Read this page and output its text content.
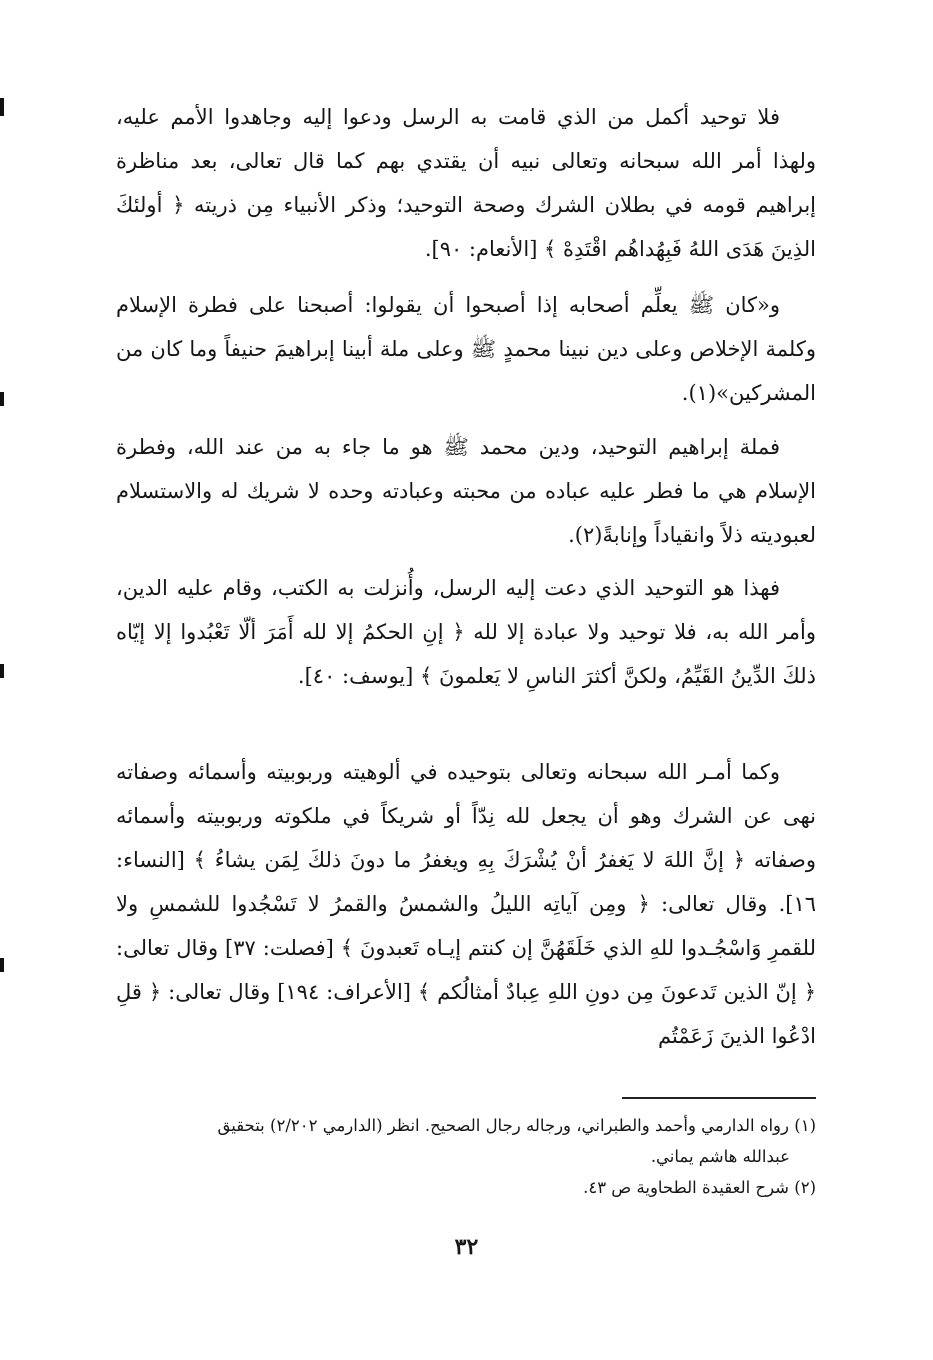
فلا توحيد أكمل من الذي قامت به الرسل ودعوا إليه وجاهدوا الأمم عليه، ولهذا أمر الله سبحانه وتعالى نبيه أن يقتدي بهم كما قال تعالى، بعد مناظرة إبراهيم قومه في بطلان الشرك وصحة التوحيد؛ وذكر الأنبياء مِن ذريته ﴿ أولئكَ الذِينَ هَدَى اللهُ فَبِهُداهُم اقْتَدِهْ ﴾ [الأنعام: ٩٠].

و«كان ﷺ يعلِّم أصحابه إذا أصبحوا أن يقولوا: أصبحنا على فطرة الإسلام وكلمة الإخلاص وعلى دين نبينا محمدٍ ﷺ وعلى ملة أبينا إبراهيمَ حنيفاً وما كان من المشركين»(١).

فملة إبراهيم التوحيد، ودين محمد ﷺ هو ما جاء به من عند الله، وفطرة الإسلام هي ما فطر عليه عباده من محبته وعبادته وحده لا شريك له والاستسلام لعبوديته ذلاً وانقياداً وإنابةً(٢).

فهذا هو التوحيد الذي دعت إليه الرسل، وأُنزلت به الكتب، وقام عليه الدين، وأمر الله به، فلا توحيد ولا عبادة إلا لله ﴿ إنِ الحكمُ إلا لله أَمَرَ ألّا تَعْبُدوا إلا إيّاه ذلكَ الدِّينُ القَيِّمُ، ولكنَّ أكثرَ الناسِ لا يَعلمونَ ﴾ [يوسف: ٤٠].

وكما أمـر الله سبحانه وتعالى بتوحيده في ألوهيته وربوبيته وأسمائه وصفاته نهى عن الشرك وهو أن يجعل لله نِدّاً أو شريكاً في ملكوته وربوبيته وأسمائه وصفاته ﴿ إنَّ اللهَ لا يَغفرُ أنْ يُشْرَكَ بِهِ ويغفرُ ما دونَ ذلكَ لِمَن يشاءُ ﴾ [النساء: ١٦]. وقال تعالى: ﴿ ومِن آياتِه الليلُ والشمسُ والقمرُ لا تَسْجُدوا للشمسِ ولا للقمرِ وَاسْجُـدوا للهِ الذي خَلَقَهُنَّ إن كنتم إيـاه تَعبدونَ ﴾ [فصلت: ٣٧] وقال تعالى: ﴿ إنّ الذين تَدعونَ مِن دونِ اللهِ عِبادٌ أمثالُكم ﴾ [الأعراف: ١٩٤] وقال تعالى: ﴿ قلِ ادْعُوا الذينَ زَعَمْتُم

(١) رواه الدارمي وأحمد والطبراني، ورجاله رجال الصحيح. انظر (الدارمي ٢/٢٠٢) بتحقيق

عبدالله هاشم يماني.

(٢) شرح العقيدة الطحاوية ص ٤٣.

٣٢
